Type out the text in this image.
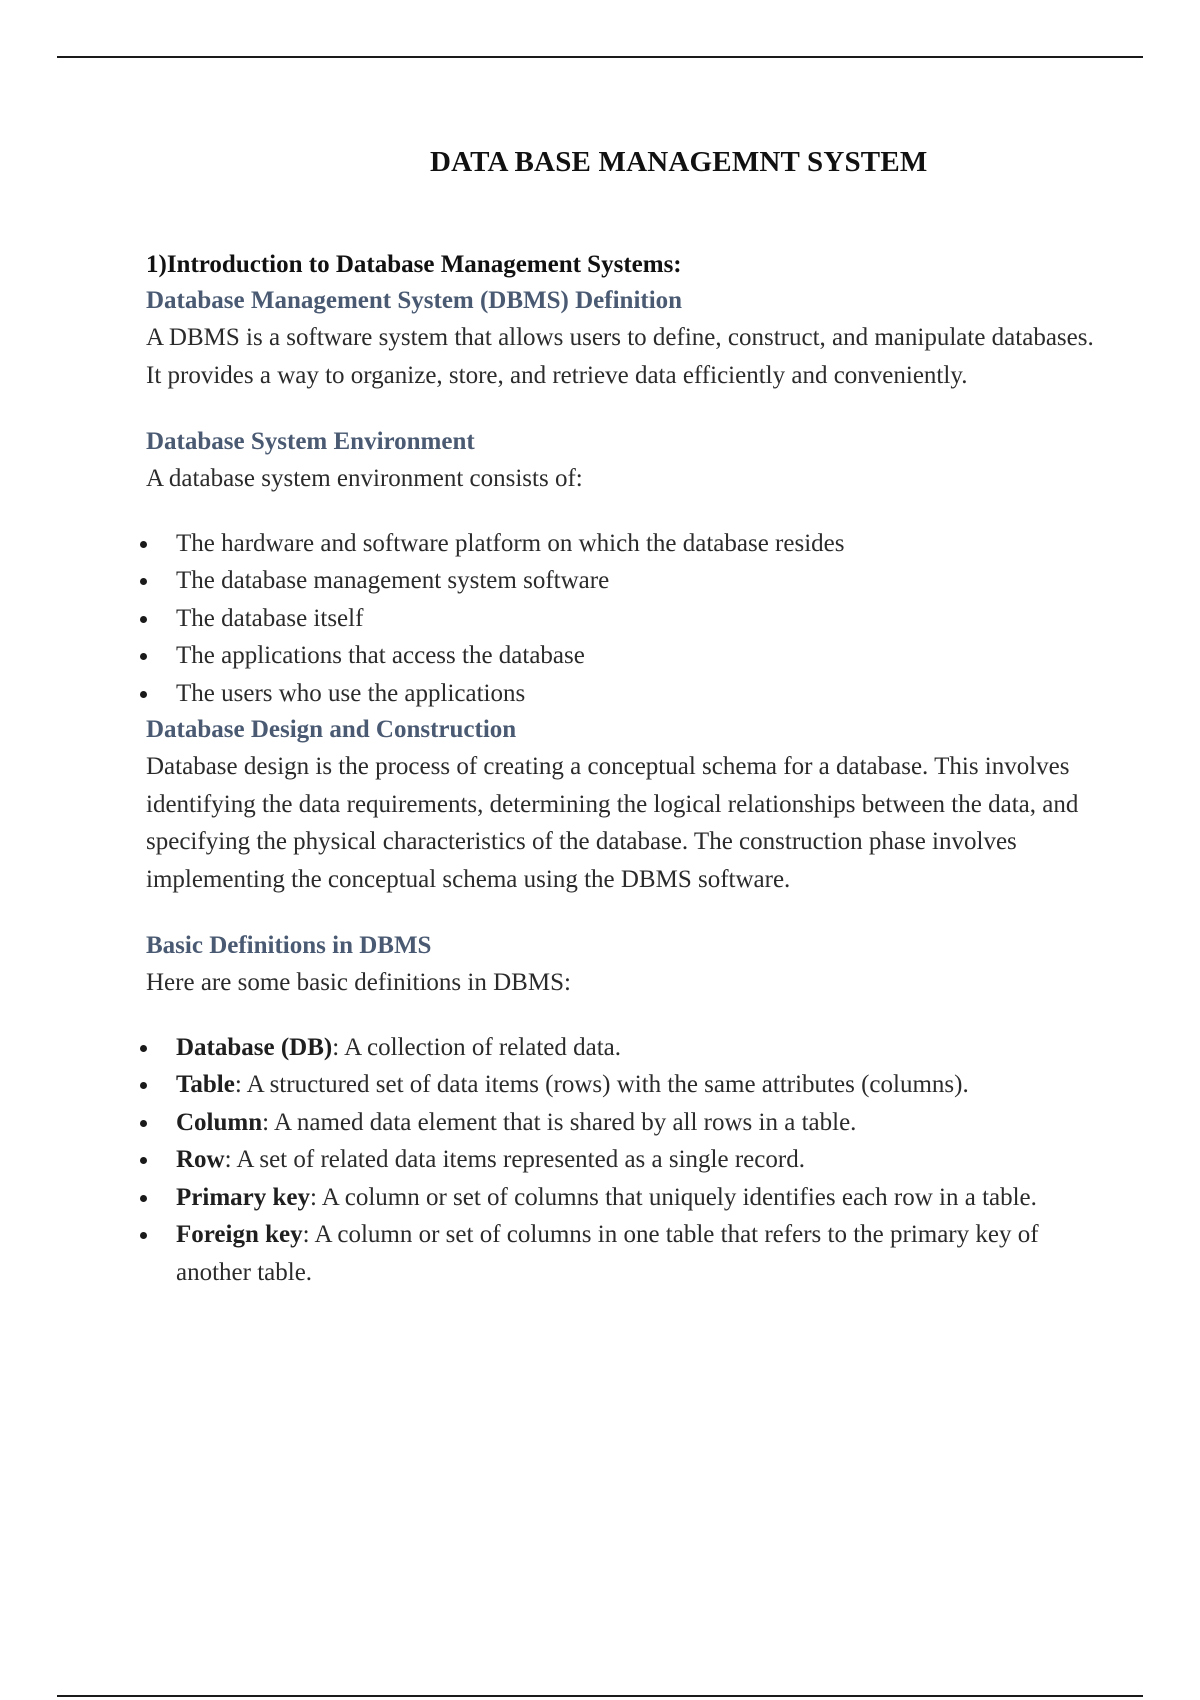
DATA BASE MANAGEMNT SYSTEM
1)Introduction to Database Management Systems:
Database Management System (DBMS) Definition
A DBMS is a software system that allows users to define, construct, and manipulate databases. It provides a way to organize, store, and retrieve data efficiently and conveniently.
Database System Environment
A database system environment consists of:
The hardware and software platform on which the database resides
The database management system software
The database itself
The applications that access the database
The users who use the applications
Database Design and Construction
Database design is the process of creating a conceptual schema for a database. This involves identifying the data requirements, determining the logical relationships between the data, and specifying the physical characteristics of the database. The construction phase involves implementing the conceptual schema using the DBMS software.
Basic Definitions in DBMS
Here are some basic definitions in DBMS:
Database (DB): A collection of related data.
Table: A structured set of data items (rows) with the same attributes (columns).
Column: A named data element that is shared by all rows in a table.
Row: A set of related data items represented as a single record.
Primary key: A column or set of columns that uniquely identifies each row in a table.
Foreign key: A column or set of columns in one table that refers to the primary key of another table.
